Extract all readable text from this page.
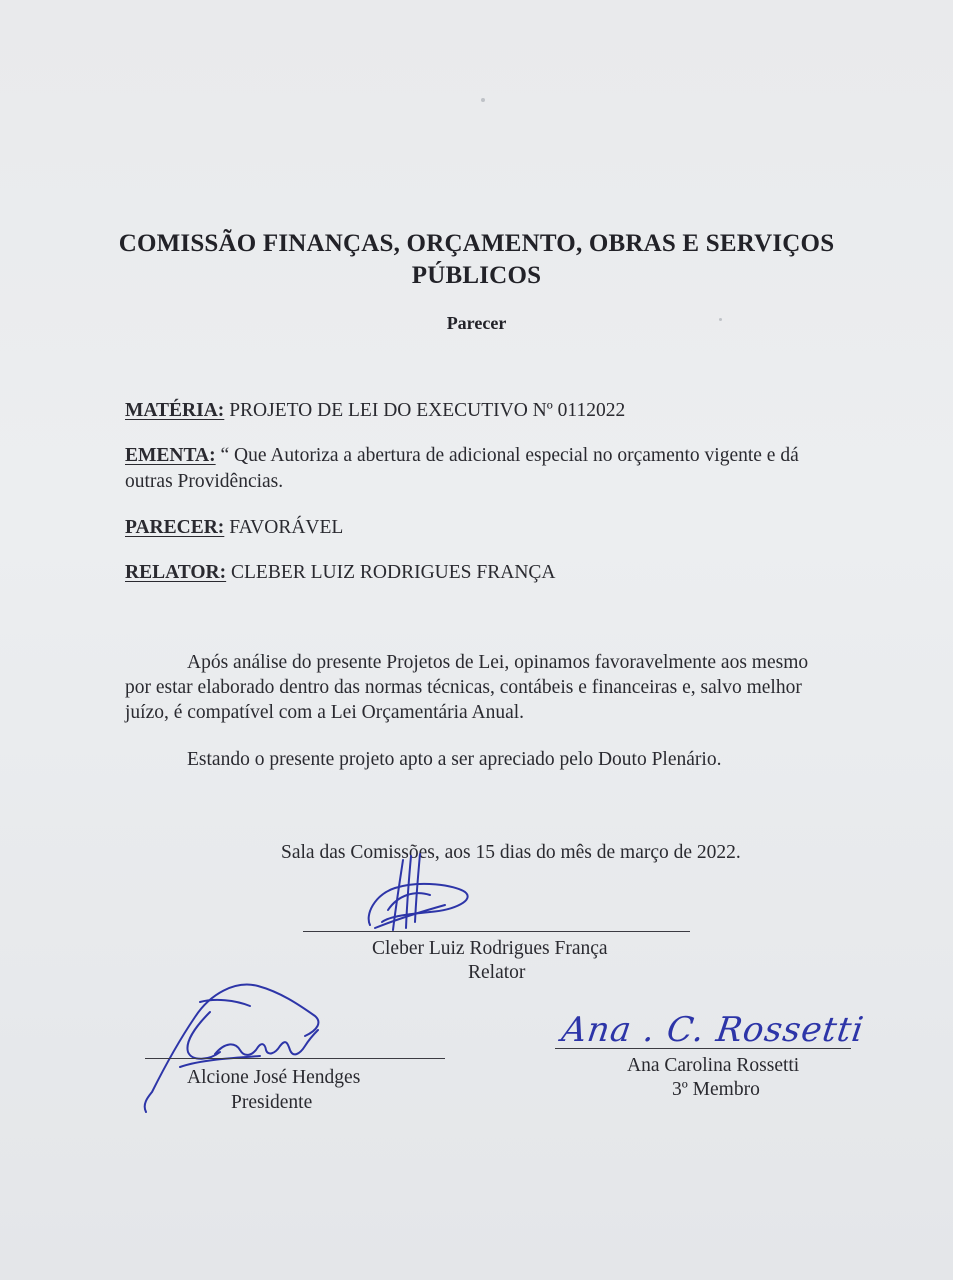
COMISSÃO FINANÇAS, ORÇAMENTO, OBRAS E SERVIÇOS
PÚBLICOS
Parecer
MATÉRIA: PROJETO DE LEI DO EXECUTIVO Nº 0112022
EMENTA: “ Que Autoriza a abertura de adicional especial no orçamento vigente e dá
outras Providências.
PARECER: FAVORÁVEL
RELATOR: CLEBER LUIZ RODRIGUES FRANÇA
Após análise do presente Projetos de Lei, opinamos favoravelmente aos mesmo
por estar elaborado dentro das normas técnicas, contábeis e financeiras e, salvo melhor
juízo, é compatível com a Lei Orçamentária Anual.
Estando o presente projeto apto a ser apreciado pelo Douto Plenário.
Sala das Comissões, aos 15 dias do mês de março de 2022.
Cleber Luiz Rodrigues França
Relator
Alcione José Hendges
Presidente
Ana . C. Rossetti
Ana Carolina Rossetti
3º Membro
